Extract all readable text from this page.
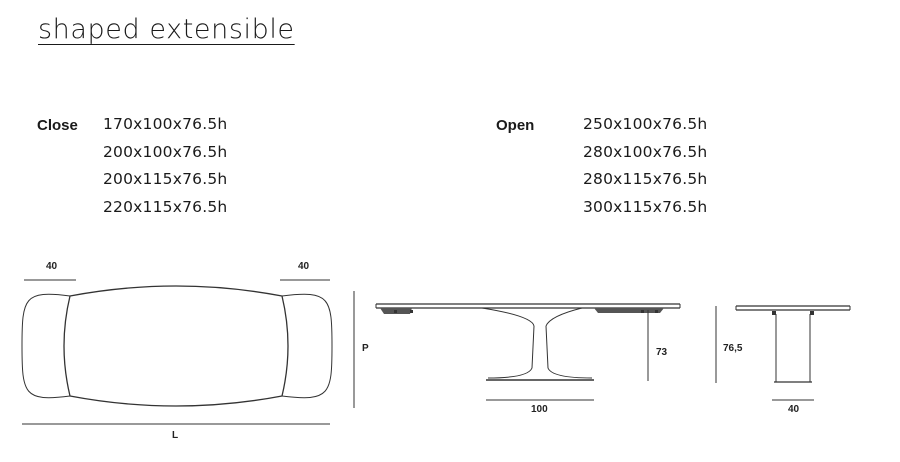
shaped extensible
Close 170x100x76.5h
200x100x76.5h
200x115x76.5h
220x115x76.5h
Open	250x100x76.5h
280x100x76.5h
280x115x76.5h
300x115x76.5h
40	40
L
P
100
73	76,5
40
